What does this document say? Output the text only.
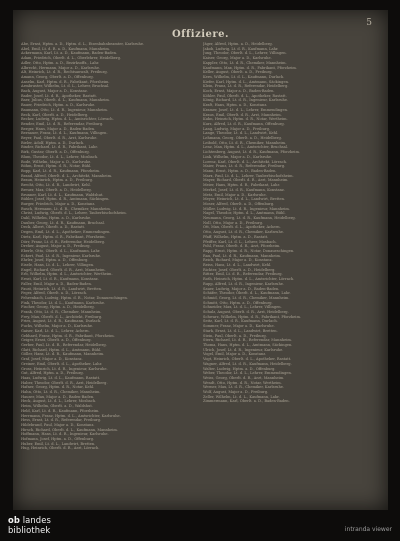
5
Offiziere.

Abe, Ernst, Hptm. a. D., Hptm. d. L., Eisenbahnbeamter, Karlsruhe.

Abel, Emil, Lt. d. R. a. D., Kaufmann, Mannheim.

Ackermann, Karl, Lt. a. D., Kaufmann, Baden-Baden.

Adam, Friedrich, Oberlt. d. L., Oberlehrer, Heidelberg.

Adler, Otto, Hptm. a. D., Bezirksoffz., Lahr.

Albrecht, Hermann, Major a. D., Karlsruhe.

Alt, Heinrich, Lt. d. R., Rechtsanwalt, Freiburg.

Amann, Georg, Oberlt. a. D., Offenburg.

Anselm, Karl, Hptm. d. R., Fabrikant, Pforzheim.

Armbruster, Wilhelm, Lt. d. L., Lehrer, Bruchsal.

Bach, August, Major a. D., Konstanz.

Bader, Josef, Lt. d. R., Apotheker, Rastatt.

Baer, Julius, Oberlt. d. L., Kaufmann, Mannheim.

Bauer, Friedrich, Hptm. a. D., Karlsruhe.

Baumann, Otto, Lt. d. R., Ingenieur, Mannheim.

Beck, Karl, Oberlt. a. D., Heidelberg.

Becker, Ludwig, Hptm. d. L., Amtsrichter, Lörrach.

Bender, Emil, Lt. d. R., Referendar, Freiburg.

Berger, Hans, Major a. D., Baden-Baden.

Bernauer, Franz, Lt. d. L., Kaufmann, Villingen.

Beyer, Paul, Oberlt. d. R., Arzt, Karlsruhe.

Bieler, Adolf, Hptm. a. D., Durlach.

Binder, Richard, Lt. d. R., Fabrikant, Lahr.

Birk, Gustav, Oberlt. a. D., Offenburg.

Blum, Theodor, Lt. d. L., Lehrer, Mosbach.

Bode, Wilhelm, Major a. D., Karlsruhe.

Böhm, Ernst, Hptm. d. R., Notar, Bühl.

Bopp, Karl, Lt. d. R., Kaufmann, Pforzheim.

Brand, Alfred, Oberlt. d. L., Architekt, Mannheim.

Braun, Heinrich, Hptm. a. D., Freiburg.

Brecht, Otto, Lt. d. R., Landwirt, Kehl.

Breuer, Max, Oberlt. a. D., Heidelberg.

Brunner, Karl, Lt. d. L., Kaufmann, Waldshut.

Bühler, Josef, Hptm. d. R., Amtmann, Säckingen.

Burger, Friedrich, Major a. D., Konstanz.

Busch, Hermann, Lt. d. R., Chemiker, Mannheim.

Christ, Ludwig, Oberlt. d. L., Lehrer, Tauberbischofsheim.

Dahl, Wilhelm, Hptm. a. D., Karlsruhe.

Dauber, Georg, Lt. d. R., Kaufmann, Bruchsal.

Deck, Albert, Oberlt. a. D., Rastatt.

Degen, Emil, Lt. d. L., Apotheker, Emmendingen.

Dietz, Karl, Hptm. d. R., Fabrikant, Pforzheim.

Dörr, Franz, Lt. d. R., Referendar, Heidelberg.

Dreher, August, Major a. D., Freiburg.

Eberle, Otto, Oberlt. d. L., Kaufmann, Lahr.

Eckert, Paul, Lt. d. R., Ingenieur, Karlsruhe.

Ehrler, Josef, Hptm. a. D., Offenburg.

Eisele, Hans, Lt. d. L., Lehrer, Villingen.

Engel, Richard, Oberlt. d. R., Arzt, Mannheim.

Erb, Wilhelm, Hptm. d. L., Amtsrichter, Wertheim.

Ernst, Karl, Lt. d. R., Kaufmann, Konstanz.

Faller, Emil, Major a. D., Baden-Baden.

Faust, Heinrich, Lt. d. R., Landwirt, Bretten.

Feger, Alfred, Oberlt. a. D., Lörrach.

Fehrenbach, Ludwig, Hptm. d. R., Notar, Donaueschingen.

Fink, Theodor, Lt. d. L., Kaufmann, Karlsruhe.

Fischer, Georg, Hptm. a. D., Heidelberg.

Frank, Otto, Lt. d. R., Chemiker, Mannheim.

Frey, Max, Oberlt. d. L., Architekt, Freiburg.

Fries, August, Lt. d. R., Kaufmann, Durlach.

Fuchs, Wilhelm, Major a. D., Karlsruhe.

Gaiser, Karl, Lt. d. L., Lehrer, Achern.

Gebhard, Franz, Hptm. d. R., Fabrikant, Pforzheim.

Geiger, Ernst, Oberlt. a. D., Offenburg.

Gerber, Paul, Lt. d. R., Referendar, Heidelberg.

Glatt, Richard, Hptm. d. L., Amtmann, Bühl.

Göller, Hans, Lt. d. R., Kaufmann, Mannheim.

Graf, Josef, Major a. D., Konstanz.

Greiner, Emil, Oberlt. d. L., Apotheker, Lahr.

Gross, Heinrich, Lt. d. R., Ingenieur, Karlsruhe.

Gut, Alfred, Hptm. a. D., Freiburg.

Haas, Ludwig, Lt. d. L., Kaufmann, Rastatt.

Haber, Theodor, Oberlt. d. R., Arzt, Heidelberg.

Hafner, Georg, Hptm. d. R., Notar, Kehl.

Hahn, Otto, Lt. d. R., Chemiker, Mannheim.

Hauser, Max, Major a. D., Baden-Baden.

Heck, August, Lt. d. L., Lehrer, Mosbach.

Heim, Wilhelm, Oberlt. a. D., Waldshut.

Held, Karl, Lt. d. R., Kaufmann, Pforzheim.

Herrmann, Franz, Hptm. d. L., Amtsrichter, Karlsruhe.

Hess, Ernst, Lt. d. R., Referendar, Freiburg.

Hildebrand, Paul, Major a. D., Konstanz.

Hirsch, Richard, Oberlt. d. L., Kaufmann, Mannheim.

Hoffmann, Hans, Lt. d. R., Ingenieur, Karlsruhe.

Hofmann, Josef, Hptm. a. D., Offenburg.

Huber, Emil, Lt. d. L., Landwirt, Bretten.

Hug, Heinrich, Oberlt. d. R., Arzt, Lörrach.

Jäger, Alfred, Hptm. a. D., Heidelberg.

Jakob, Ludwig, Lt. d. R., Kaufmann, Lahr.

Jung, Theodor, Oberlt. d. L., Lehrer, Villingen.

Kaiser, Georg, Major a. D., Karlsruhe.

Kappler, Otto, Lt. d. R., Chemiker, Mannheim.

Kaufmann, Max, Hptm. d. R., Fabrikant, Pforzheim.

Keller, August, Oberlt. a. D., Freiburg.

Kern, Wilhelm, Lt. d. L., Kaufmann, Durlach.

Kiefer, Karl, Hptm. d. L., Amtmann, Säckingen.

Klein, Franz, Lt. d. R., Referendar, Heidelberg.

Koch, Ernst, Major a. D., Baden-Baden.

Köhler, Paul, Oberlt. d. L., Apotheker, Rastatt.

König, Richard, Lt. d. R., Ingenieur, Karlsruhe.

Kraft, Hans, Hptm. a. D., Konstanz.

Kramer, Josef, Lt. d. L., Lehrer, Emmendingen.

Kraus, Emil, Oberlt. d. R., Arzt, Mannheim.

Kuhn, Heinrich, Hptm. d. R., Notar, Wertheim.

Kurz, Alfred, Lt. d. R., Kaufmann, Offenburg.

Lang, Ludwig, Major a. D., Freiburg.

Lange, Theodor, Lt. d. L., Landwirt, Kehl.

Lehmann, Georg, Oberlt. a. D., Heidelberg.

Leibold, Otto, Lt. d. R., Chemiker, Mannheim.

Lenz, Max, Hptm. d. L., Amtsrichter, Bruchsal.

Lichtenberg, August, Lt. d. R., Kaufmann, Pforzheim.

Link, Wilhelm, Major a. D., Karlsruhe.

Lorenz, Karl, Oberlt. d. L., Architekt, Lörrach.

Maier, Franz, Lt. d. R., Referendar, Freiburg.

Mann, Ernst, Hptm. a. D., Baden-Baden.

Marx, Paul, Lt. d. L., Lehrer, Tauberbischofsheim.

Mayer, Richard, Oberlt. d. R., Arzt, Mannheim.

Meier, Hans, Hptm. d. R., Fabrikant, Lahr.

Merkel, Josef, Lt. d. R., Kaufmann, Konstanz.

Metz, Emil, Major a. D., Karlsruhe.

Meyer, Heinrich, Lt. d. L., Landwirt, Bretten.

Moser, Alfred, Oberlt. a. D., Offenburg.

Müller, Ludwig, Lt. d. R., Ingenieur, Mannheim.

Nagel, Theodor, Hptm. d. L., Amtmann, Bühl.

Neumann, Georg, Lt. d. R., Kaufmann, Heidelberg.

Noll, Otto, Major a. D., Freiburg.

Ott, Max, Oberlt. d. L., Apotheker, Achern.

Otto, August, Lt. d. R., Chemiker, Karlsruhe.

Pfaff, Wilhelm, Hptm. a. D., Rastatt.

Pfeiffer, Karl, Lt. d. L., Lehrer, Mosbach.

Pohl, Franz, Oberlt. d. R., Arzt, Pforzheim.

Rapp, Ernst, Hptm. d. R., Notar, Donaueschingen.

Rau, Paul, Lt. d. R., Kaufmann, Mannheim.

Reich, Richard, Major a. D., Konstanz.

Reiss, Hans, Lt. d. L., Landwirt, Kehl.

Richter, Josef, Oberlt. a. D., Heidelberg.

Ritter, Emil, Lt. d. R., Referendar, Freiburg.

Roth, Heinrich, Hptm. d. L., Amtsrichter, Lörrach.

Rupp, Alfred, Lt. d. R., Ingenieur, Karlsruhe.

Sauer, Ludwig, Major a. D., Baden-Baden.

Schäfer, Theodor, Oberlt. d. L., Kaufmann, Lahr.

Schmid, Georg, Lt. d. R., Chemiker, Mannheim.

Schmitt, Otto, Hptm. a. D., Offenburg.

Schneider, Max, Lt. d. L., Lehrer, Villingen.

Schulz, August, Oberlt. d. R., Arzt, Heidelberg.

Schwarz, Wilhelm, Hptm. d. R., Fabrikant, Pforzheim.

Seitz, Karl, Lt. d. R., Kaufmann, Durlach.

Sommer, Franz, Major a. D., Karlsruhe.

Stark, Ernst, Lt. d. L., Landwirt, Bretten.

Stein, Paul, Oberlt. a. D., Freiburg.

Stern, Richard, Lt. d. R., Referendar, Mannheim.

Thoma, Hans, Hptm. d. L., Amtmann, Säckingen.

Ulrich, Josef, Lt. d. R., Ingenieur, Karlsruhe.

Vogel, Emil, Major a. D., Konstanz.

Vogt, Heinrich, Oberlt. d. L., Apotheker, Rastatt.

Wagner, Alfred, Lt. d. R., Kaufmann, Heidelberg.

Walter, Ludwig, Hptm. a. D., Offenburg.

Weber, Theodor, Lt. d. L., Lehrer, Emmendingen.

Weiss, Georg, Oberlt. d. R., Arzt, Mannheim.

Wendt, Otto, Hptm. d. R., Notar, Wertheim.

Werner, Max, Lt. d. R., Chemiker, Karlsruhe.

Wolf, August, Major a. D., Freiburg.

Zeller, Wilhelm, Lt. d. L., Kaufmann, Lahr.

Zimmermann, Karl, Oberlt. a. D., Baden-Baden.

ob landes
bibliothek	intranda viewer
